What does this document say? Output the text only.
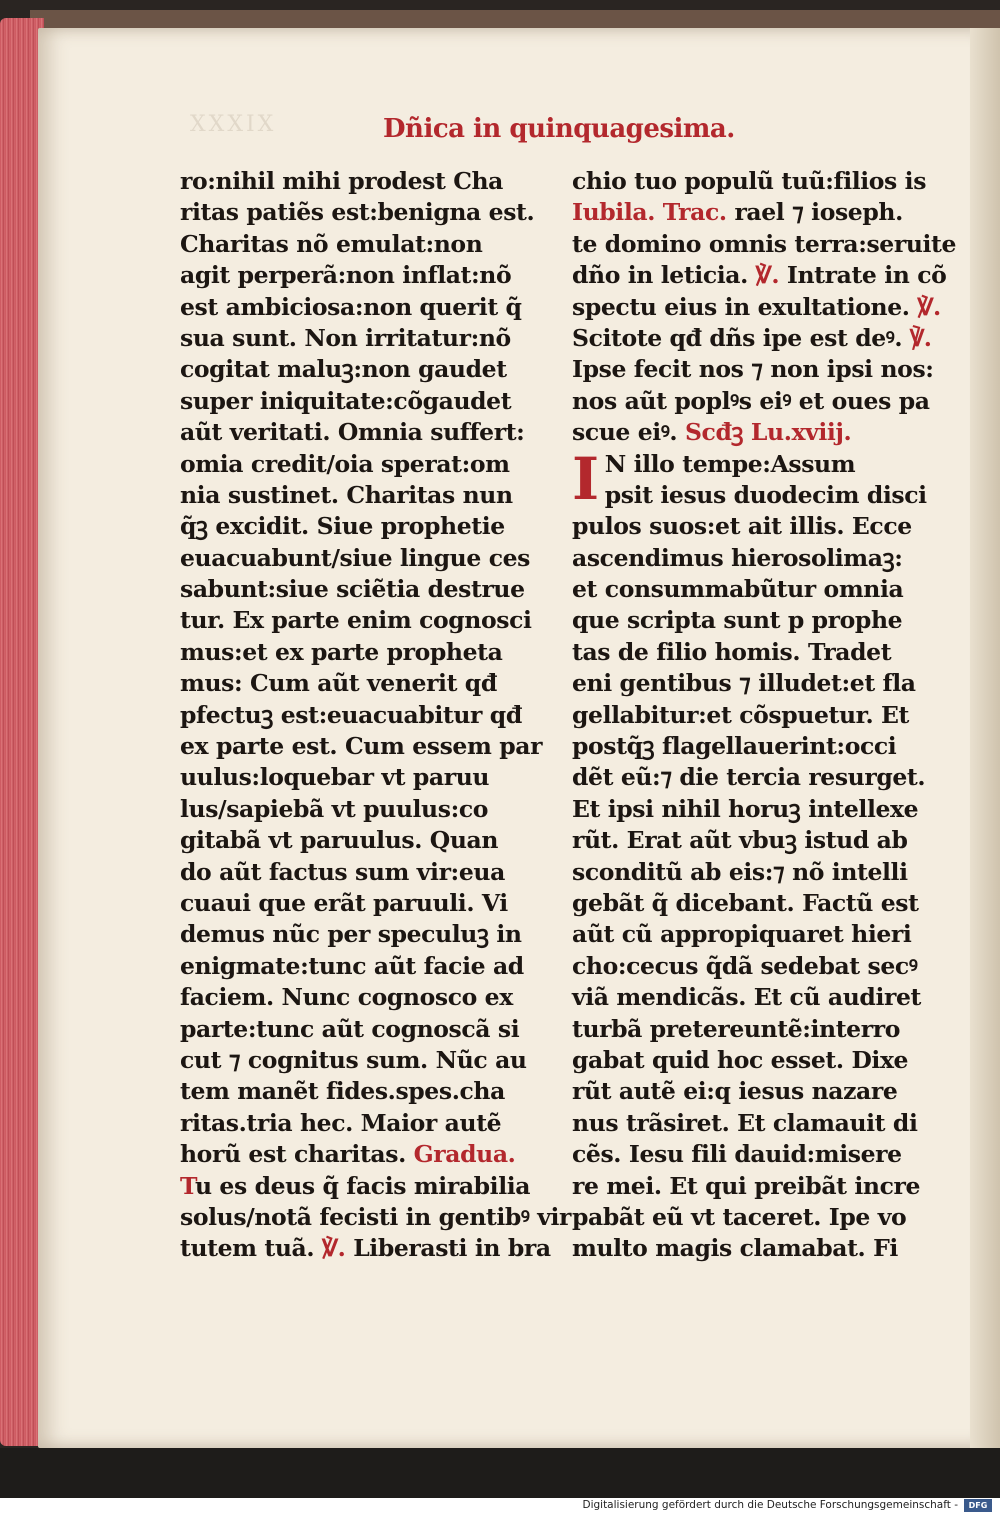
XXXIX	Dñica in quinquagesima.
ro:nihil mihi prodest Cha
ritas patiẽs est:benigna est.
Charitas nõ emulat:non
agit perperã:non inflat:nõ
est ambiciosa:non querit q̃
sua sunt. Non irritatur:nõ
cogitat maluꝫ:non gaudet
super iniquitate:cõgaudet
aũt veritati. Omnia suffert:
omia credit/oia sperat:om
nia sustinet. Charitas nun
q̃ꝫ excidit. Siue prophetie
euacuabunt/siue lingue ces
sabunt:siue sciẽtia destrue
tur. Ex parte enim cognosci
mus:et ex parte propheta
mus: Cum aũt venerit qđ
pfectuꝫ est:euacuabitur qđ
ex parte est. Cum essem par
uulus:loquebar vt paruu
lus/sapiebã vt puulus:co
gitabã vt paruulus. Quan
do aũt factus sum vir:eua
cuaui que erãt paruuli. Vi
demus nũc per speculuꝫ in
enigmate:tunc aũt facie ad
faciem. Nunc cognosco ex
parte:tunc aũt cognoscã si
cut ⁊ cognitus sum. Nũc au
tem manẽt fides.spes.cha
ritas.tria hec. Maior autẽ
horũ est charitas. Gradua.
Tu es deus q̃ facis mirabilia
solus/notã fecisti in gentibꝰ vir
tutem tuã. ℣. Liberasti in bra
chio tuo populũ tuũ:filios is
Iubila. Trac. rael ⁊ ioseph.
te domino omnis terra:seruite
dño in leticia. ℣. Intrate in cõ
spectu eius in exultatione. ℣.
Scitote qđ dñs ipe est deꝰ. ℣.
Ipse fecit nos ⁊ non ipsi nos:
nos aũt poplꝰs eiꝰ et oues pa
scue eiꝰ. Scđꝫ Lu.xviij.
I N illo tempe:Assum
psit iesus duodecim disci
pulos suos:et ait illis. Ecce
ascendimus hierosolimaꝫ:
et consummabũtur omnia
que scripta sunt p prophe
tas de filio homis. Tradet
eni gentibus ⁊ illudet:et fla
gellabitur:et cõspuetur. Et
postq̃ꝫ flagellauerint:occi
dẽt eũ:⁊ die tercia resurget.
Et ipsi nihil horuꝫ intellexe
rũt. Erat aũt vbuꝫ istud ab
sconditũ ab eis:⁊ nõ intelli
gebãt q̃ dicebant. Factũ est
aũt cũ appropiquaret hieri
cho:cecus q̃dã sedebat secꝰ
viã mendicãs. Et cũ audiret
turbã pretereuntẽ:interro
gabat quid hoc esset. Dixe
rũt autẽ ei:q iesus nazare
nus trãsiret. Et clamauit di
cẽs. Iesu fili dauid:misere
re mei. Et qui preibãt incre
pabãt eũ vt taceret. Ipe vo
multo magis clamabat. Fi
Digitalisierung gefördert durch die Deutsche Forschungsgemeinschaft -	DFG
